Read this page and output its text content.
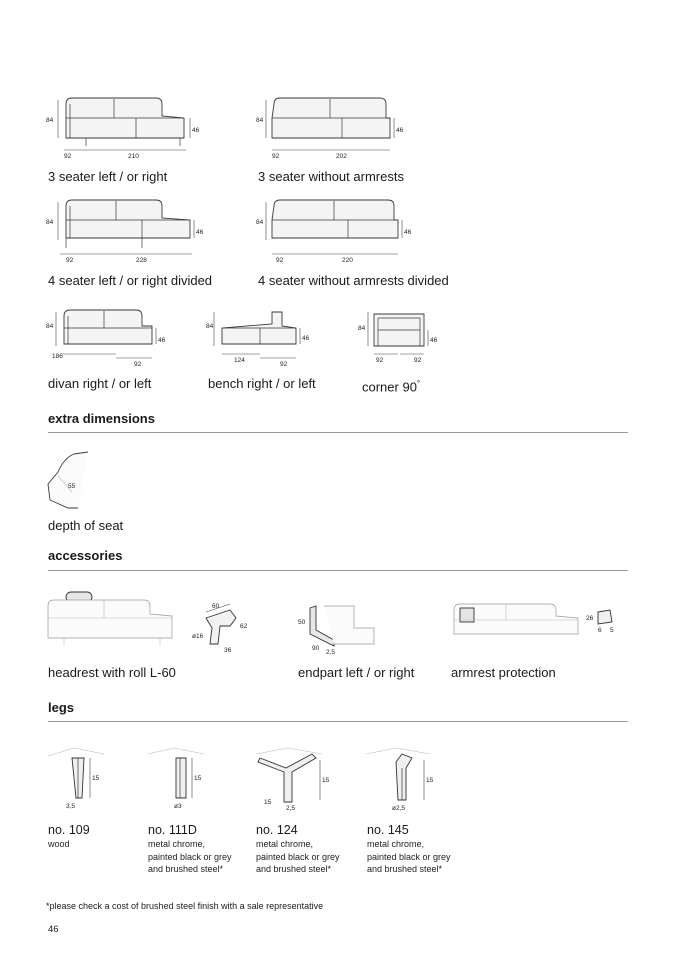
84
46
92	210
3 seater left / or right
84
46
92	202
3 seater without armrests
84
46
92	228
4 seater left / or right divided
84
46
92	220
4 seater without armrests divided
84
46
186
92
divan right / or left
84
46
124
92
bench right / or left
84
46
92	92
corner 90°
extra dimensions
55
depth of seat
accessories
60
62
ø16
36
headrest with roll L-60
50
90
2,5
endpart left / or right
26
6 5
armrest protection
legs
15
3,5
no. 109
wood
15
ø3
no. 111D
metal chrome,
painted black or grey
and brushed steel*
15
15
2,5
no. 124
metal chrome,
painted black or grey
and brushed steel*
15
ø2,5
no. 145
metal chrome,
painted black or grey
and brushed steel*
*please check a cost of brushed steel finish with a sale representative
46
